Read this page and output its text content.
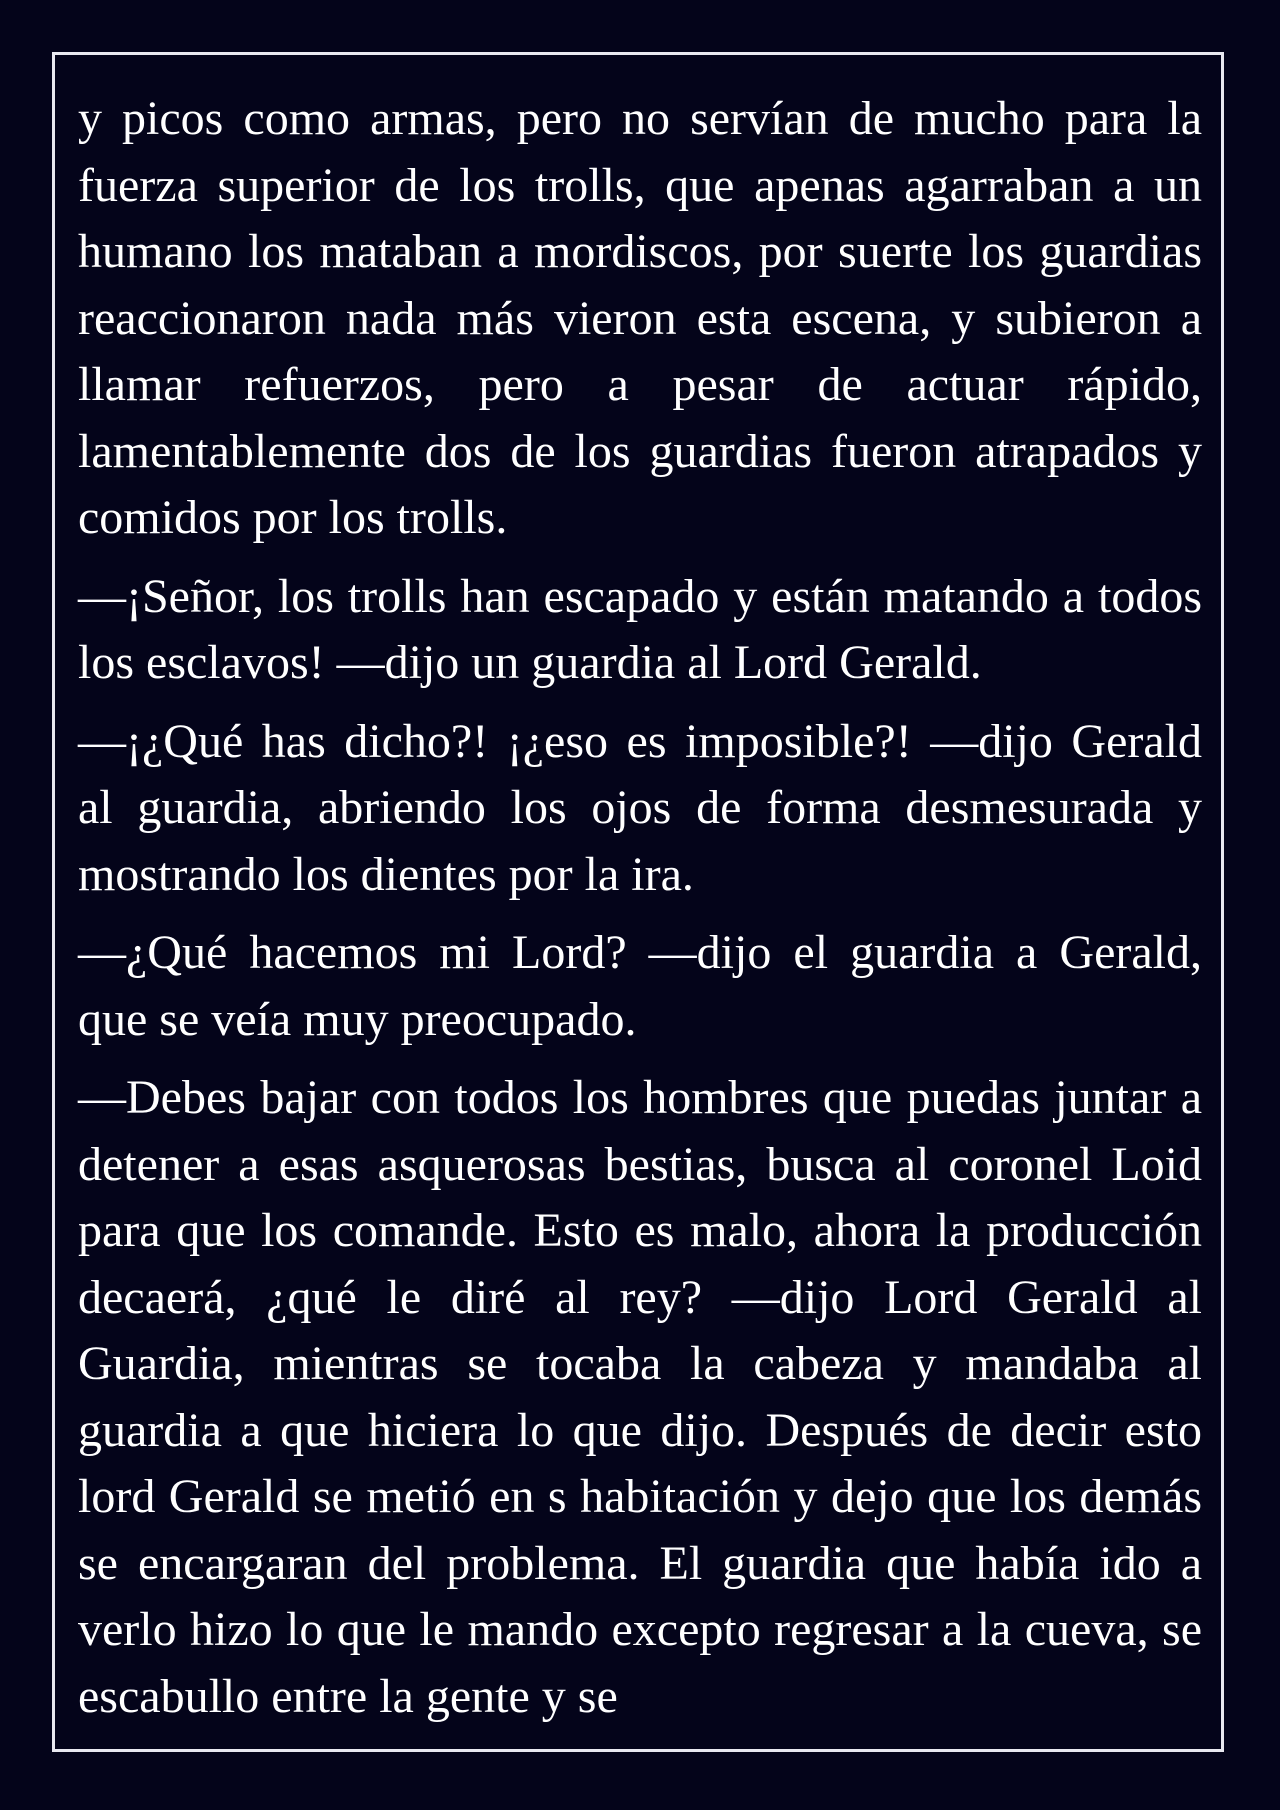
y picos como armas, pero no servían de mucho para la fuerza superior de los trolls, que apenas agarraban a un humano los mataban a mordiscos, por suerte los guardias reaccionaron nada más vieron esta escena, y subieron a llamar refuerzos, pero a pesar de actuar rápido, lamentablemente dos de los guardias fueron atrapados y comidos por los trolls.

—¡Señor, los trolls han escapado y están matando a todos los esclavos! —dijo un guardia al Lord Gerald.

—¡¿Qué has dicho?! ¡¿eso es imposible?! —dijo Gerald al guardia, abriendo los ojos de forma desmesurada y mostrando los dientes por la ira.

—¿Qué hacemos mi Lord? —dijo el guardia a Gerald, que se veía muy preocupado.

—Debes bajar con todos los hombres que puedas juntar a detener a esas asquerosas bestias, busca al coronel Loid para que los comande. Esto es malo, ahora la producción decaerá, ¿qué le diré al rey? —dijo Lord Gerald al Guardia, mientras se tocaba la cabeza y mandaba al guardia a que hiciera lo que dijo. Después de decir esto lord Gerald se metió en s habitación y dejo que los demás se encargaran del problema. El guardia que había ido a verlo hizo lo que le mando excepto regresar a la cueva, se escabullo entre la gente y se
